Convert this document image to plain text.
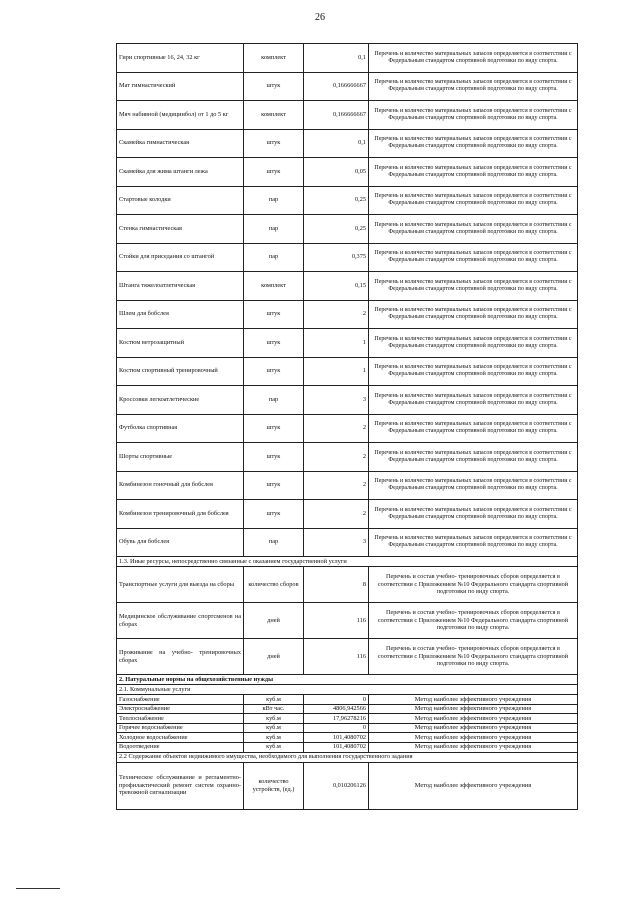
26
Гири спортивные 16, 24, 32 кг	комплект	0,1	Перечень и количество материальных запасов определяется в соответствии с Федеральным стандартом спортивной подготовки по виду спорта.
Мат гимнастический	штук	0,166666667	Перечень и количество материальных запасов определяется в соответствии с Федеральным стандартом спортивной подготовки по виду спорта.
Мяч набивной (медицинбол) от 1 до 5 кг	комплект	0,166666667	Перечень и количество материальных запасов определяется в соответствии с Федеральным стандартом спортивной подготовки по виду спорта.
Скамейка гимнастическая	штук	0,1	Перечень и количество материальных запасов определяется в соответствии с Федеральным стандартом спортивной подготовки по виду спорта.
Скамейка для жима штанги лежа	штук	0,05	Перечень и количество материальных запасов определяется в соответствии с Федеральным стандартом спортивной подготовки по виду спорта.
Стартовые колодки	пар	0,25	Перечень и количество материальных запасов определяется в соответствии с Федеральным стандартом спортивной подготовки по виду спорта.
Стенка гимнастическая	пар	0,25	Перечень и количество материальных запасов определяется в соответствии с Федеральным стандартом спортивной подготовки по виду спорта.
Стойки для приседания со штангой	пар	0,375	Перечень и количество материальных запасов определяется в соответствии с Федеральным стандартом спортивной подготовки по виду спорта.
Штанга тяжелоатлетическая	комплект	0,15	Перечень и количество материальных запасов определяется в соответствии с Федеральным стандартом спортивной подготовки по виду спорта.
Шлем для бобслея	штук	2	Перечень и количество материальных запасов определяется в соответствии с Федеральным стандартом спортивной подготовки по виду спорта.
Костюм ветрозащитный	штук	1	Перечень и количество материальных запасов определяется в соответствии с Федеральным стандартом спортивной подготовки по виду спорта.
Костюм спортивный тренировочный	штук	1	Перечень и количество материальных запасов определяется в соответствии с Федеральным стандартом спортивной подготовки по виду спорта.
Кроссовки легкоатлетические	пар	3	Перечень и количество материальных запасов определяется в соответствии с Федеральным стандартом спортивной подготовки по виду спорта.
Футболка спортивная	штук	2	Перечень и количество материальных запасов определяется в соответствии с Федеральным стандартом спортивной подготовки по виду спорта.
Шорты спортивные	штук	2	Перечень и количество материальных запасов определяется в соответствии с Федеральным стандартом спортивной подготовки по виду спорта.
Комбинезон гоночный для бобслея	штук	2	Перечень и количество материальных запасов определяется в соответствии с Федеральным стандартом спортивной подготовки по виду спорта.
Комбинезон тренировочный для бобслея	штук	2	Перечень и количество материальных запасов определяется в соответствии с Федеральным стандартом спортивной подготовки по виду спорта.
Обувь для бобслея	пар	3	Перечень и количество материальных запасов определяется в соответствии с Федеральным стандартом спортивной подготовки по виду спорта.
1.3. Иные ресурсы, непосредственно связанные с оказанием государственной услуги			
Транспортные услуги для выезда на сборы	количество сборов	8	Перечень и состав учебно- тренировочных сборов определяется в соответствии с Приложением №10 Федерального стандарта спортивной подготовки по виду спорта.
Медицинское обслуживание спортсменов на сборах	дней	116	Перечень и состав учебно- тренировочных сборов определяется в соответствии с Приложением №10 Федерального стандарта спортивной подготовки по виду спорта.
Проживание на учебно- тренировочных сборах	дней	116	Перечень и состав учебно- тренировочных сборов определяется в соответствии с Приложением №10 Федерального стандарта спортивной подготовки по виду спорта.
2. Натуральные нормы на общехозяйственные нужды			
2.1. Коммунальные услуги			
Газоснабжение	куб.м	0	Метод наиболее эффективного учреждения
Электроснабжение	кВт час.	4806,942566	Метод наиболее эффективного учреждения
Теплоснабжение	куб.м	17,96278216	Метод наиболее эффективного учреждения
Горячее водоснабжение	куб.м	0	Метод наиболее эффективного учреждения
Холодное водоснабжение	куб.м	101,4080702	Метод наиболее эффективного учреждения
Водоотведение	куб.м	101,4080702	Метод наиболее эффективного учреждения
2.2 Содержание объектов недвижимого имущества, необходимого для выполнения государственного задания			
Техническое обслуживание и регламентно- профилактический ремонт систем охранно- тревожной сигнализации	количество устройств, (ед.)	0,010206126	Метод наиболее эффективного учреждения
